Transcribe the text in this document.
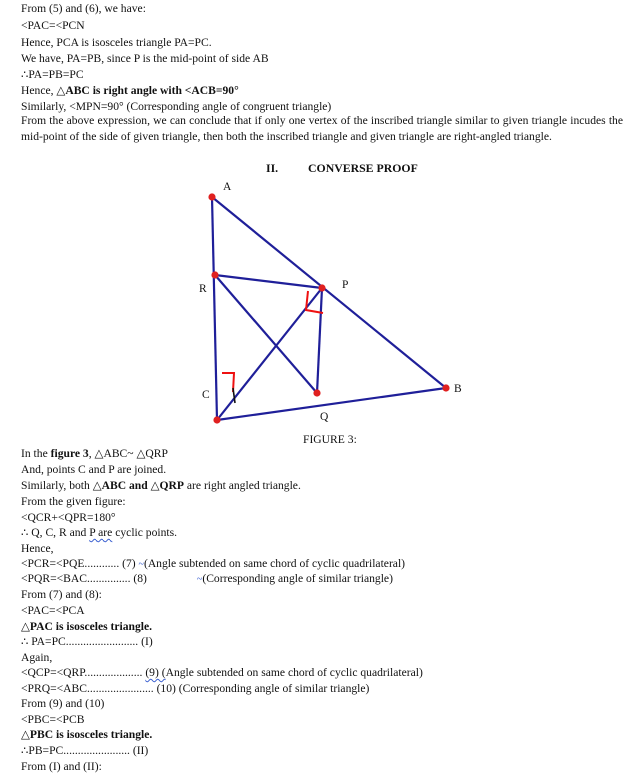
From (5) and (6), we have:
<PAC=<PCN
Hence, PCA is isosceles triangle PA=PC.
We have, PA=PB, since P is the mid-point of side AB
∴PA=PB=PC
Hence, △ABC is right angle with <ACB=90°
Similarly, <MPN=90° (Corresponding angle of congruent triangle)
From the above expression, we can conclude that if only one vertex of the inscribed triangle similar to given triangle incudes the mid-point of the side of given triangle, then both the inscribed triangle and given triangle are right-angled triangle.
II.	CONVERSE PROOF
A
R	P
C
Q
B
FIGURE 3:
In the figure 3, △ABC~ △QRP
And, points C and P are joined.
Similarly, both △ABC and △QRP are right angled triangle.
From the given figure:
<QCR+<QPR=180°
∴ Q, C, R and P are cyclic points.
Hence,
<PCR=<PQE............ (7) ~(Angle subtended on same chord of cyclic quadrilateral)
<PQR=<BAC............... (8)	~(Corresponding angle of similar triangle)
From (7) and (8):
<PAC=<PCA
△PAC is isosceles triangle.
∴ PA=PC......................... (I)
Again,
<QCP=<QRP.................... (9) (Angle subtended on same chord of cyclic quadrilateral)
<PRQ=<ABC....................... (10) (Corresponding angle of similar triangle)
From (9) and (10)
<PBC=<PCB
△PBC is isosceles triangle.
∴PB=PC....................... (II)
From (I) and (II):
